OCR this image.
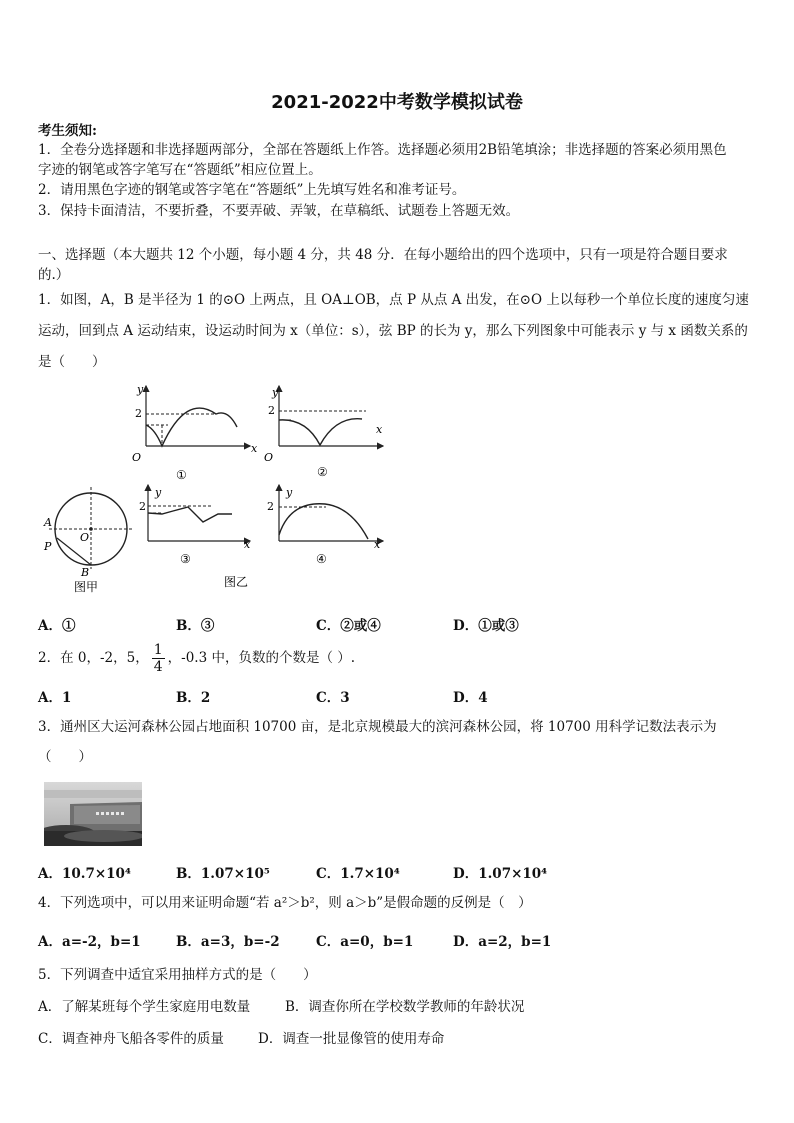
2021-2022中考数学模拟试卷
考生须知:
1．全卷分选择题和非选择题两部分，全部在答题纸上作答。选择题必须用2B铅笔填涂；非选择题的答案必须用黑色
字迹的钢笔或答字笔写在“答题纸”相应位置上。
2．请用黑色字迹的钢笔或答字笔在“答题纸”上先填写姓名和准考证号。
3．保持卡面清洁，不要折叠，不要弄破、弄皱，在草稿纸、试题卷上答题无效。
一、选择题（本大题共 12 个小题，每小题 4 分，共 48 分．在每小题给出的四个选项中，只有一项是符合题目要求
的.）
1．如图，A，B 是半径为 1 的⊙O 上两点，且 OA⊥OB，点 P 从点 A 出发，在⊙O 上以每秒一个单位长度的速度匀速
运动，回到点 A 运动结束，设运动时间为 x（单位：s），弦 BP 的长为 y，那么下列图象中可能表示 y 与 x 函数关系的
是（　　）
y
x
O
2
①
y
x
O
2
②
A
P
O
B
图甲
y
x
2
③
y
x
2
④
图乙
A．①	B．③	C．②或④	D．①或③
2．在 0，-2，5， $\frac{1}{4}$ ，-0.3 中，负数的个数是（ ）.
A．1	B．2	C．3	D．4
3．通州区大运河森林公园占地面积 10700 亩，是北京规模最大的滨河森林公园，将 10700 用科学记数法表示为
（　　）
A．10.7×10⁴	B．1.07×10⁵	C．1.7×10⁴	D．1.07×10⁴
4．下列选项中，可以用来证明命题“若 a²＞b²，则 a＞b”是假命题的反例是（　）
A．a=-2，b=1	B．a=3，b=-2	C．a=0，b=1	D．a=2，b=1
5．下列调查中适宜采用抽样方式的是（　　）
A．了解某班每个学生家庭用电数量	B．调查你所在学校数学教师的年龄状况
C．调查神舟飞船各零件的质量	D．调查一批显像管的使用寿命
